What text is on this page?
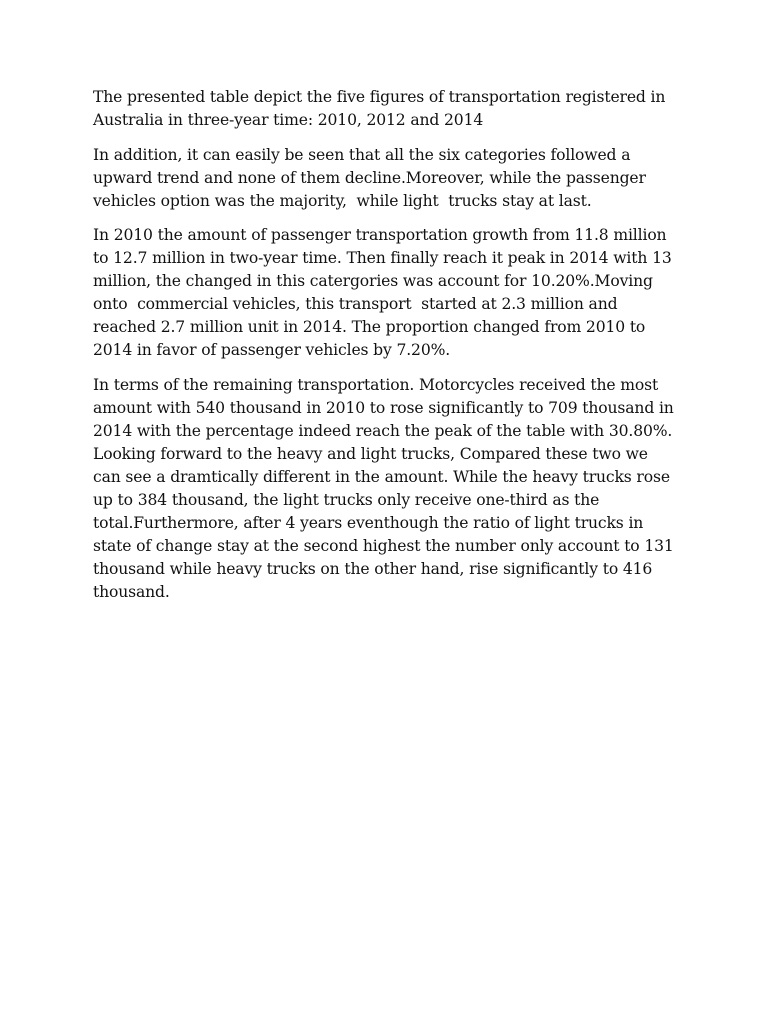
The presented table depict the five figures of transportation registered in Australia in three-year time: 2010, 2012 and 2014

In addition, it can easily be seen that all the six categories followed a upward trend and none of them decline.Moreover, while the passenger vehicles option was the majority,  while light  trucks stay at last.

In 2010 the amount of passenger transportation growth from 11.8 million to 12.7 million in two-year time. Then finally reach it peak in 2014 with 13 million, the changed in this catergories was account for 10.20%.Moving onto  commercial vehicles, this transport  started at 2.3 million and reached 2.7 million unit in 2014. The proportion changed from 2010 to 2014 in favor of passenger vehicles by 7.20%.

In terms of the remaining transportation. Motorcycles received the most amount with 540 thousand in 2010 to rose significantly to 709 thousand in 2014 with the percentage indeed reach the peak of the table with 30.80%. Looking forward to the heavy and light trucks, Compared these two we can see a dramtically different in the amount. While the heavy trucks rose up to 384 thousand, the light trucks only receive one-third as the total.Furthermore, after 4 years eventhough the ratio of light trucks in state of change stay at the second highest the number only account to 131 thousand while heavy trucks on the other hand, rise significantly to 416 thousand.
